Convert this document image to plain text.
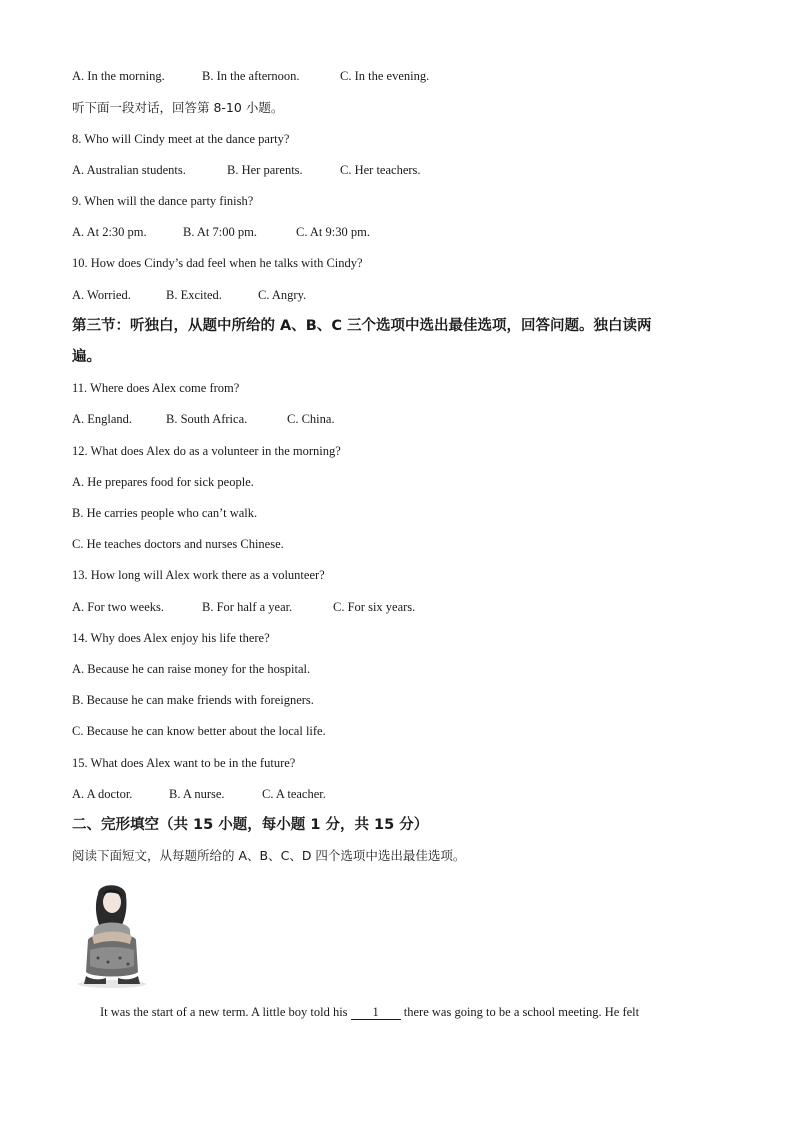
A. In the morning.	B. In the afternoon.	C. In the evening.
听下面一段对话，回答第 8-10 小题。
8. Who will Cindy meet at the dance party?
A. Australian students.	B. Her parents.	C. Her teachers.
9. When will the dance party finish?
A. At 2:30 pm.	B. At 7:00 pm.	C. At 9:30 pm.
10. How does Cindy’s dad feel when he talks with Cindy?
A. Worried.	B. Excited.	C. Angry.
第三节：听独白，从题中所给的 A、B、C 三个选项中选出最佳选项，回答问题。独白读两
遍。
11. Where does Alex come from?
A. England.	B. South Africa.	C. China.
12. What does Alex do as a volunteer in the morning?
A. He prepares food for sick people.
B. He carries people who can’t walk.
C. He teaches doctors and nurses Chinese.
13. How long will Alex work there as a volunteer?
A. For two weeks.	B. For half a year.	C. For six years.
14. Why does Alex enjoy his life there?
A. Because he can raise money for the hospital.
B. Because he can make friends with foreigners.
C. Because he can know better about the local life.
15. What does Alex want to be in the future?
A. A doctor.	B. A nurse.	C. A teacher.
二、完形填空（共 15 小题，每小题 1 分，共 15 分）
阅读下面短文，从每题所给的 A、B、C、D 四个选项中选出最佳选项。
It was the start of a new term. A little boy told his 1 there was going to be a school meeting. He felt
